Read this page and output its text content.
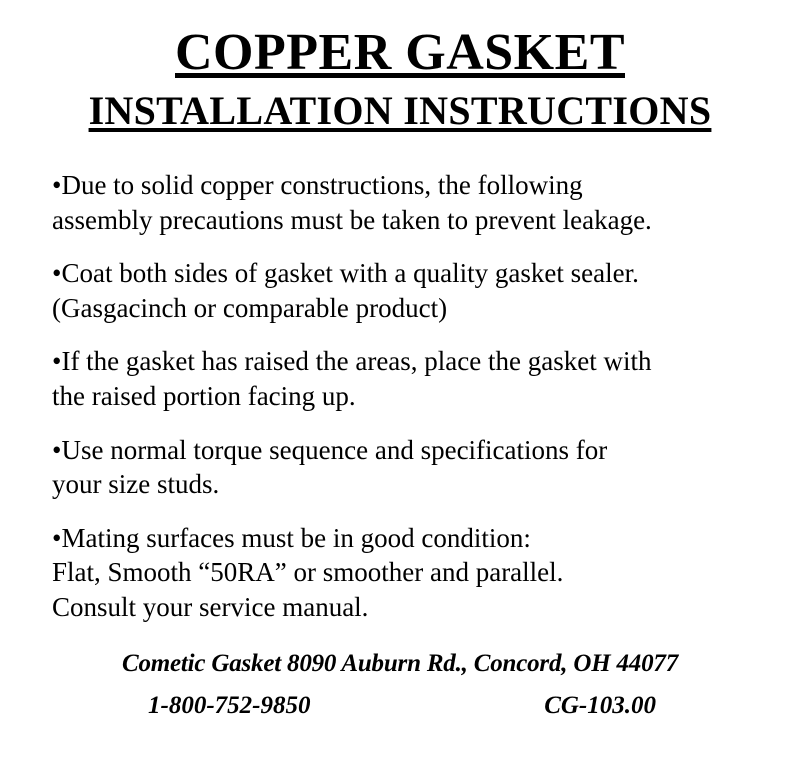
COPPER GASKET
INSTALLATION INSTRUCTIONS
•Due to solid copper constructions, the following
assembly precautions must be taken to prevent leakage.
•Coat both sides of gasket with a quality gasket sealer.
(Gasgacinch or comparable product)
•If the gasket has raised the areas, place the gasket with
the raised portion facing up.
•Use normal torque sequence and specifications for
your size studs.
•Mating surfaces must be in good condition:
Flat, Smooth “50RA” or smoother and parallel.
Consult your service manual.
Cometic Gasket 8090 Auburn Rd., Concord, OH 44077
1-800-752-9850	CG-103.00
